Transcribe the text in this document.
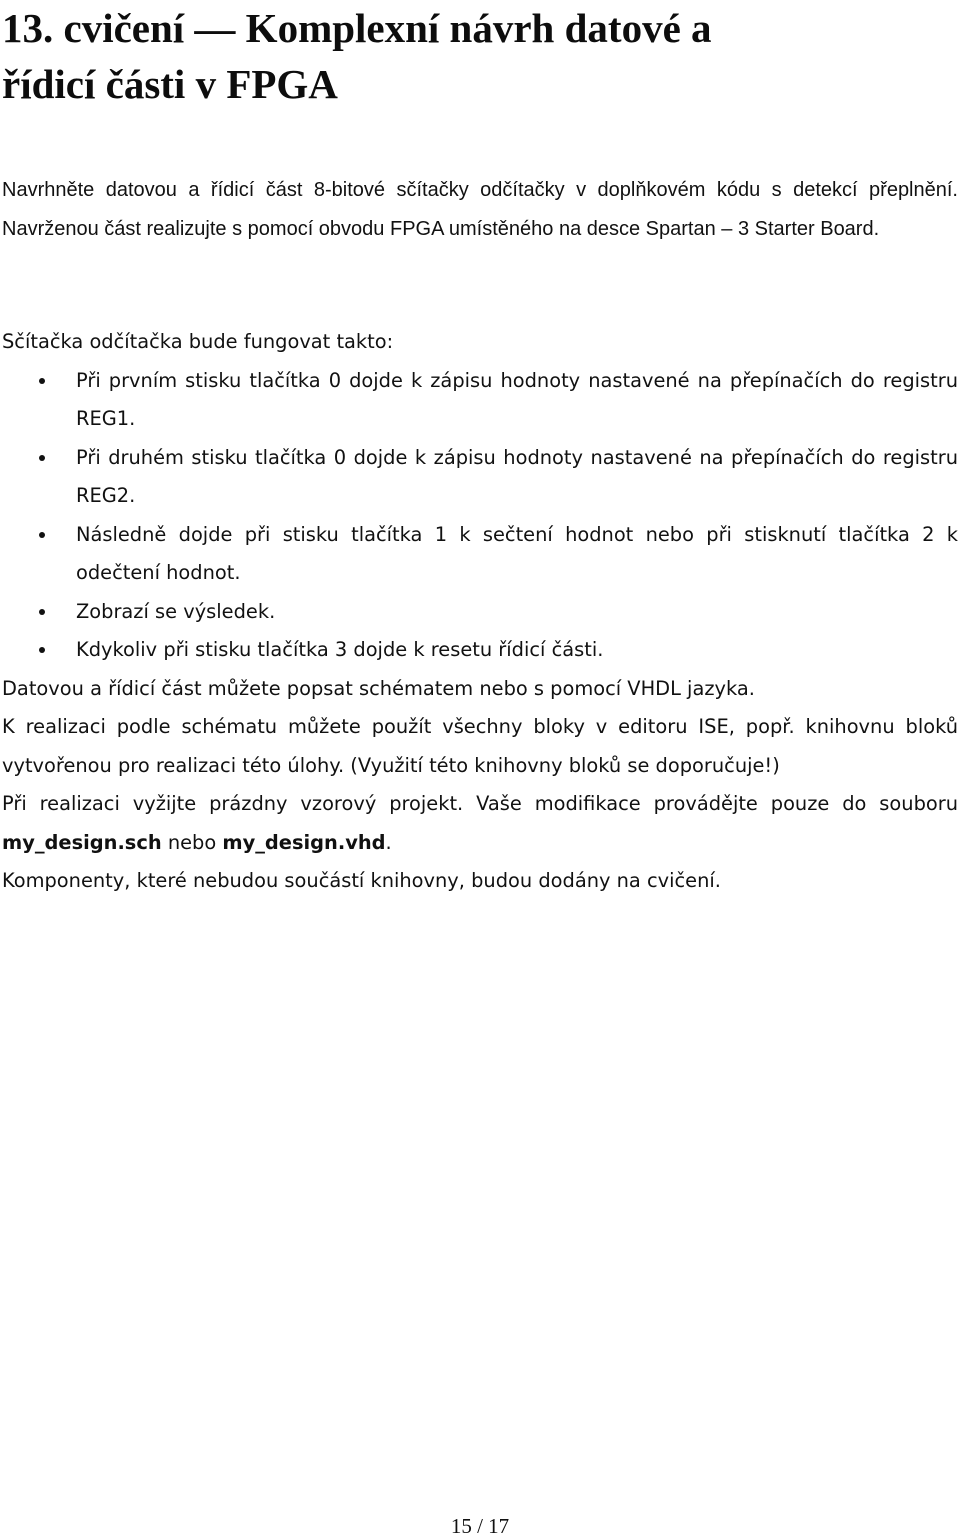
13. cvičení — Komplexní návrh datové a
řídicí části v FPGA

Navrhněte datovou a řídicí část 8-bitové sčítačky odčítačky v doplňkovém kódu s detekcí přeplnění. Navrženou část realizujte s pomocí obvodu FPGA umístěného na desce Spartan – 3 Starter Board.

Sčítačka odčítačka bude fungovat takto:

Při prvním stisku tlačítka 0 dojde k zápisu hodnoty nastavené na přepínačích do registru REG1.
Při druhém stisku tlačítka 0 dojde k zápisu hodnoty nastavené na přepínačích do registru REG2.
Následně dojde při stisku tlačítka 1 k sečtení hodnot nebo při stisknutí tlačítka 2 k odečtení hodnot.
Zobrazí se výsledek.
Kdykoliv při stisku tlačítka 3 dojde k resetu řídicí části.

Datovou a řídicí část můžete popsat schématem nebo s pomocí VHDL jazyka.

K realizaci podle schématu můžete použít všechny bloky v editoru ISE, popř. knihovnu bloků vytvořenou pro realizaci této úlohy. (Využití této knihovny bloků se doporučuje!)

Při realizaci vyžijte prázdny vzorový projekt. Vaše modifikace provádějte pouze do souboru my_design.sch nebo my_design.vhd.

Komponenty, které nebudou součástí knihovny, budou dodány na cvičení.

15 / 17
